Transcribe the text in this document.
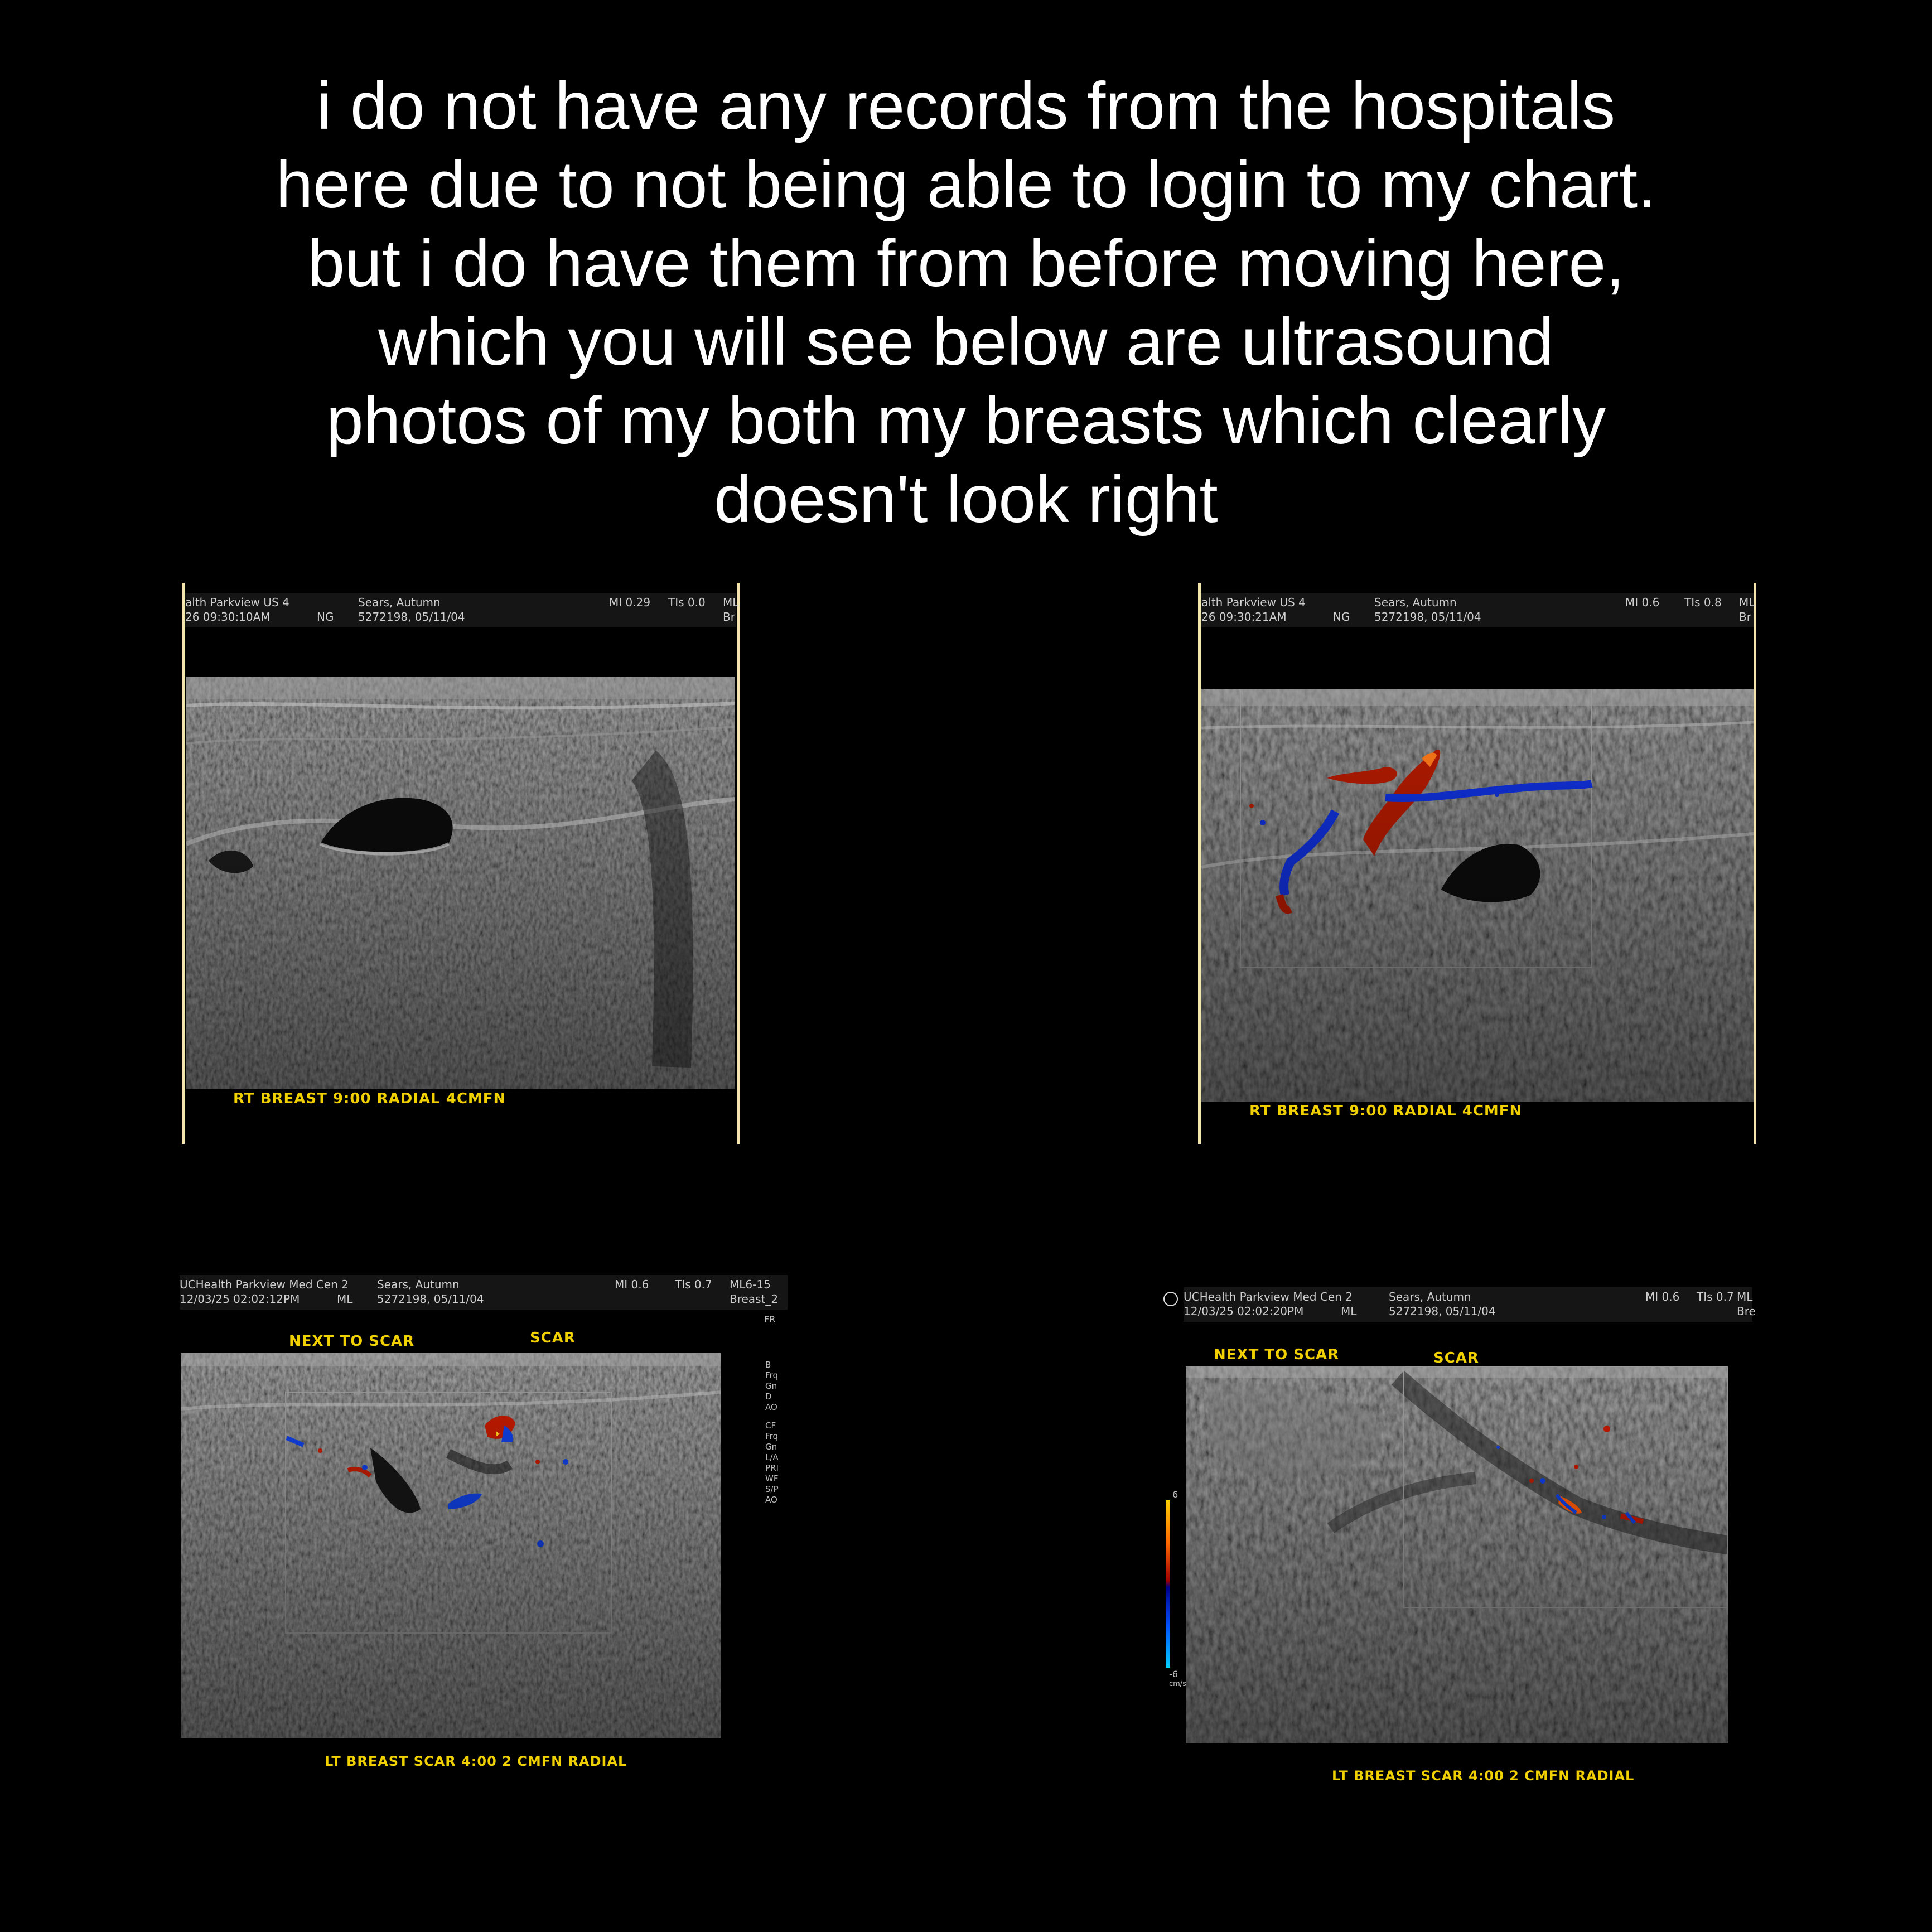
i do not have any records from the hospitals
here due to not being able to login to my chart.
but i do have them from before moving here,
which you will see below are ultrasound
photos of my both my breasts which clearly
doesn't look right
alth Parkview US 4
26 09:30:10AM	NG
Sears, Autumn
5272198, 05/11/04
MI 0.29 TIs 0.0 ML
Br
RT BREAST 9:00 RADIAL 4CMFN
alth Parkview US 4
26 09:30:21AM	NG
Sears, Autumn
5272198, 05/11/04
MI 0.6 TIs 0.8 ML
Br
RT BREAST 9:00 RADIAL 4CMFN
UCHealth Parkview Med Cen 2
12/03/25 02:02:12PM	ML
Sears, Autumn
5272198, 05/11/04
MI 0.6 TIs 0.7 ML6-15
Breast_2
FR
NEXT TO SCAR	SCAR
B
Frq
Gn
D
AO
CF
Frq
Gn
L/A
PRI
WF
S/P
AO
LT BREAST SCAR 4:00 2 CMFN RADIAL
UCHealth Parkview Med Cen 2
12/03/25 02:02:20PM	ML
Sears, Autumn
5272198, 05/11/04
MI 0.6 TIs 0.7 ML
Bre
NEXT TO SCAR	SCAR
6
-6
cm/s
LT BREAST SCAR 4:00 2 CMFN RADIAL
